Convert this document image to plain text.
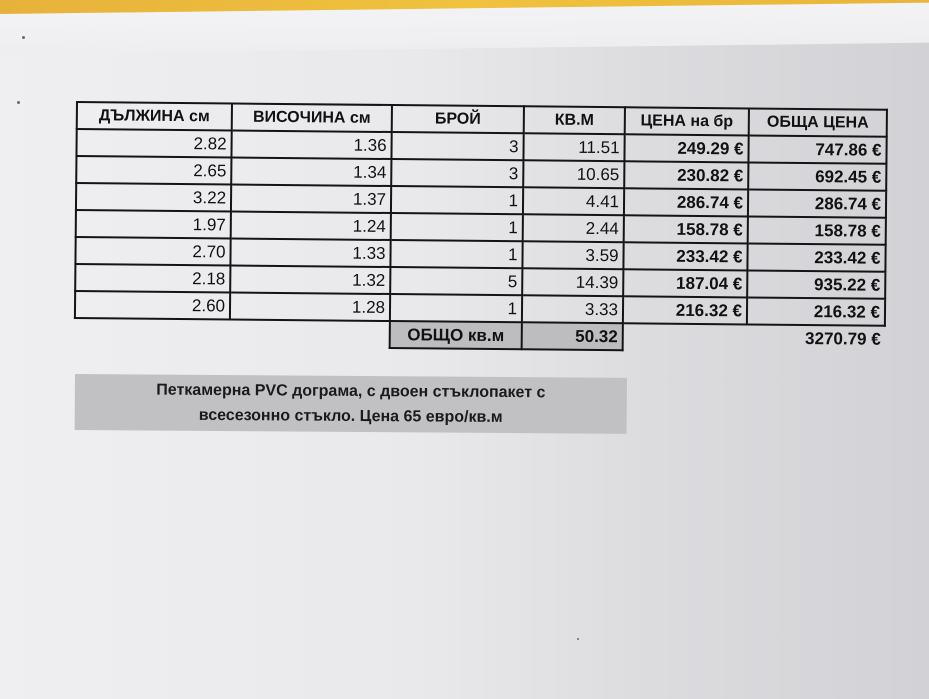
ДЪЛЖИНА см	ВИСОЧИНА см	БРОЙ	КВ.М	ЦЕНА на бр	ОБЩА ЦЕНА
2.82	1.36	3	11.51	249.29 €	747.86 €
2.65	1.34	3	10.65	230.82 €	692.45 €
3.22	1.37	1	4.41	286.74 €	286.74 €
1.97	1.24	1	2.44	158.78 €	158.78 €
2.70	1.33	1	3.59	233.42 €	233.42 €
2.18	1.32	5	14.39	187.04 €	935.22 €
2.60	1.28	1	3.33	216.32 €	216.32 €
		ОБЩО кв.м	50.32		3270.79 €
Петкамерна PVC дограма, с двоен стъклопакет с
всесезонно стъкло. Цена 65 евро/кв.м
